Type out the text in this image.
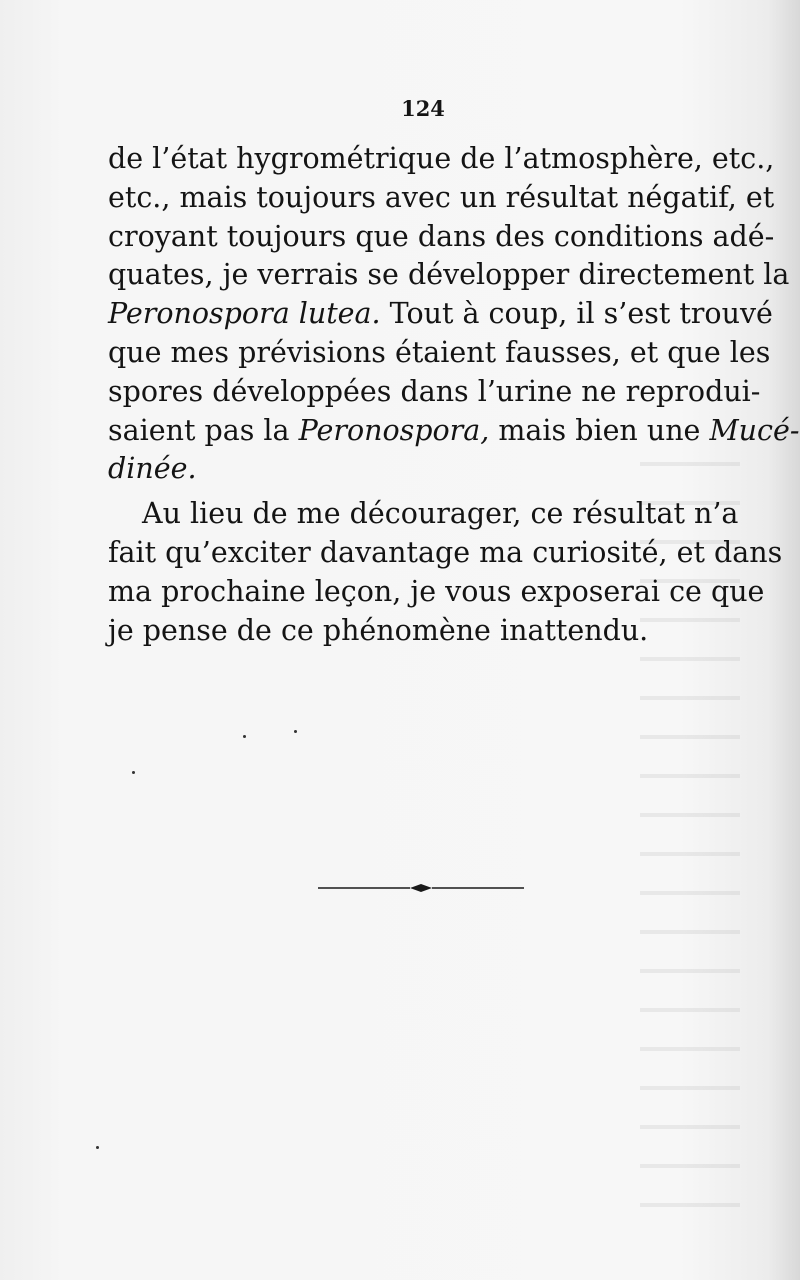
124

de l’état hygrométrique de l’atmosphère, etc.,
etc., mais toujours avec un résultat négatif, et
croyant toujours que dans des conditions adé-
quates, je verrais se développer directement la
Peronospora lutea. Tout à coup, il s’est trouvé
que mes prévisions étaient fausses, et que les
spores développées dans l’urine ne reprodui-
saient pas la Peronospora, mais bien une Mucé-
dinée.

Au lieu de me décourager, ce résultat n’a
fait qu’exciter davantage ma curiosité, et dans
ma prochaine leçon, je vous exposerai ce que
je pense de ce phénomène inattendu.
